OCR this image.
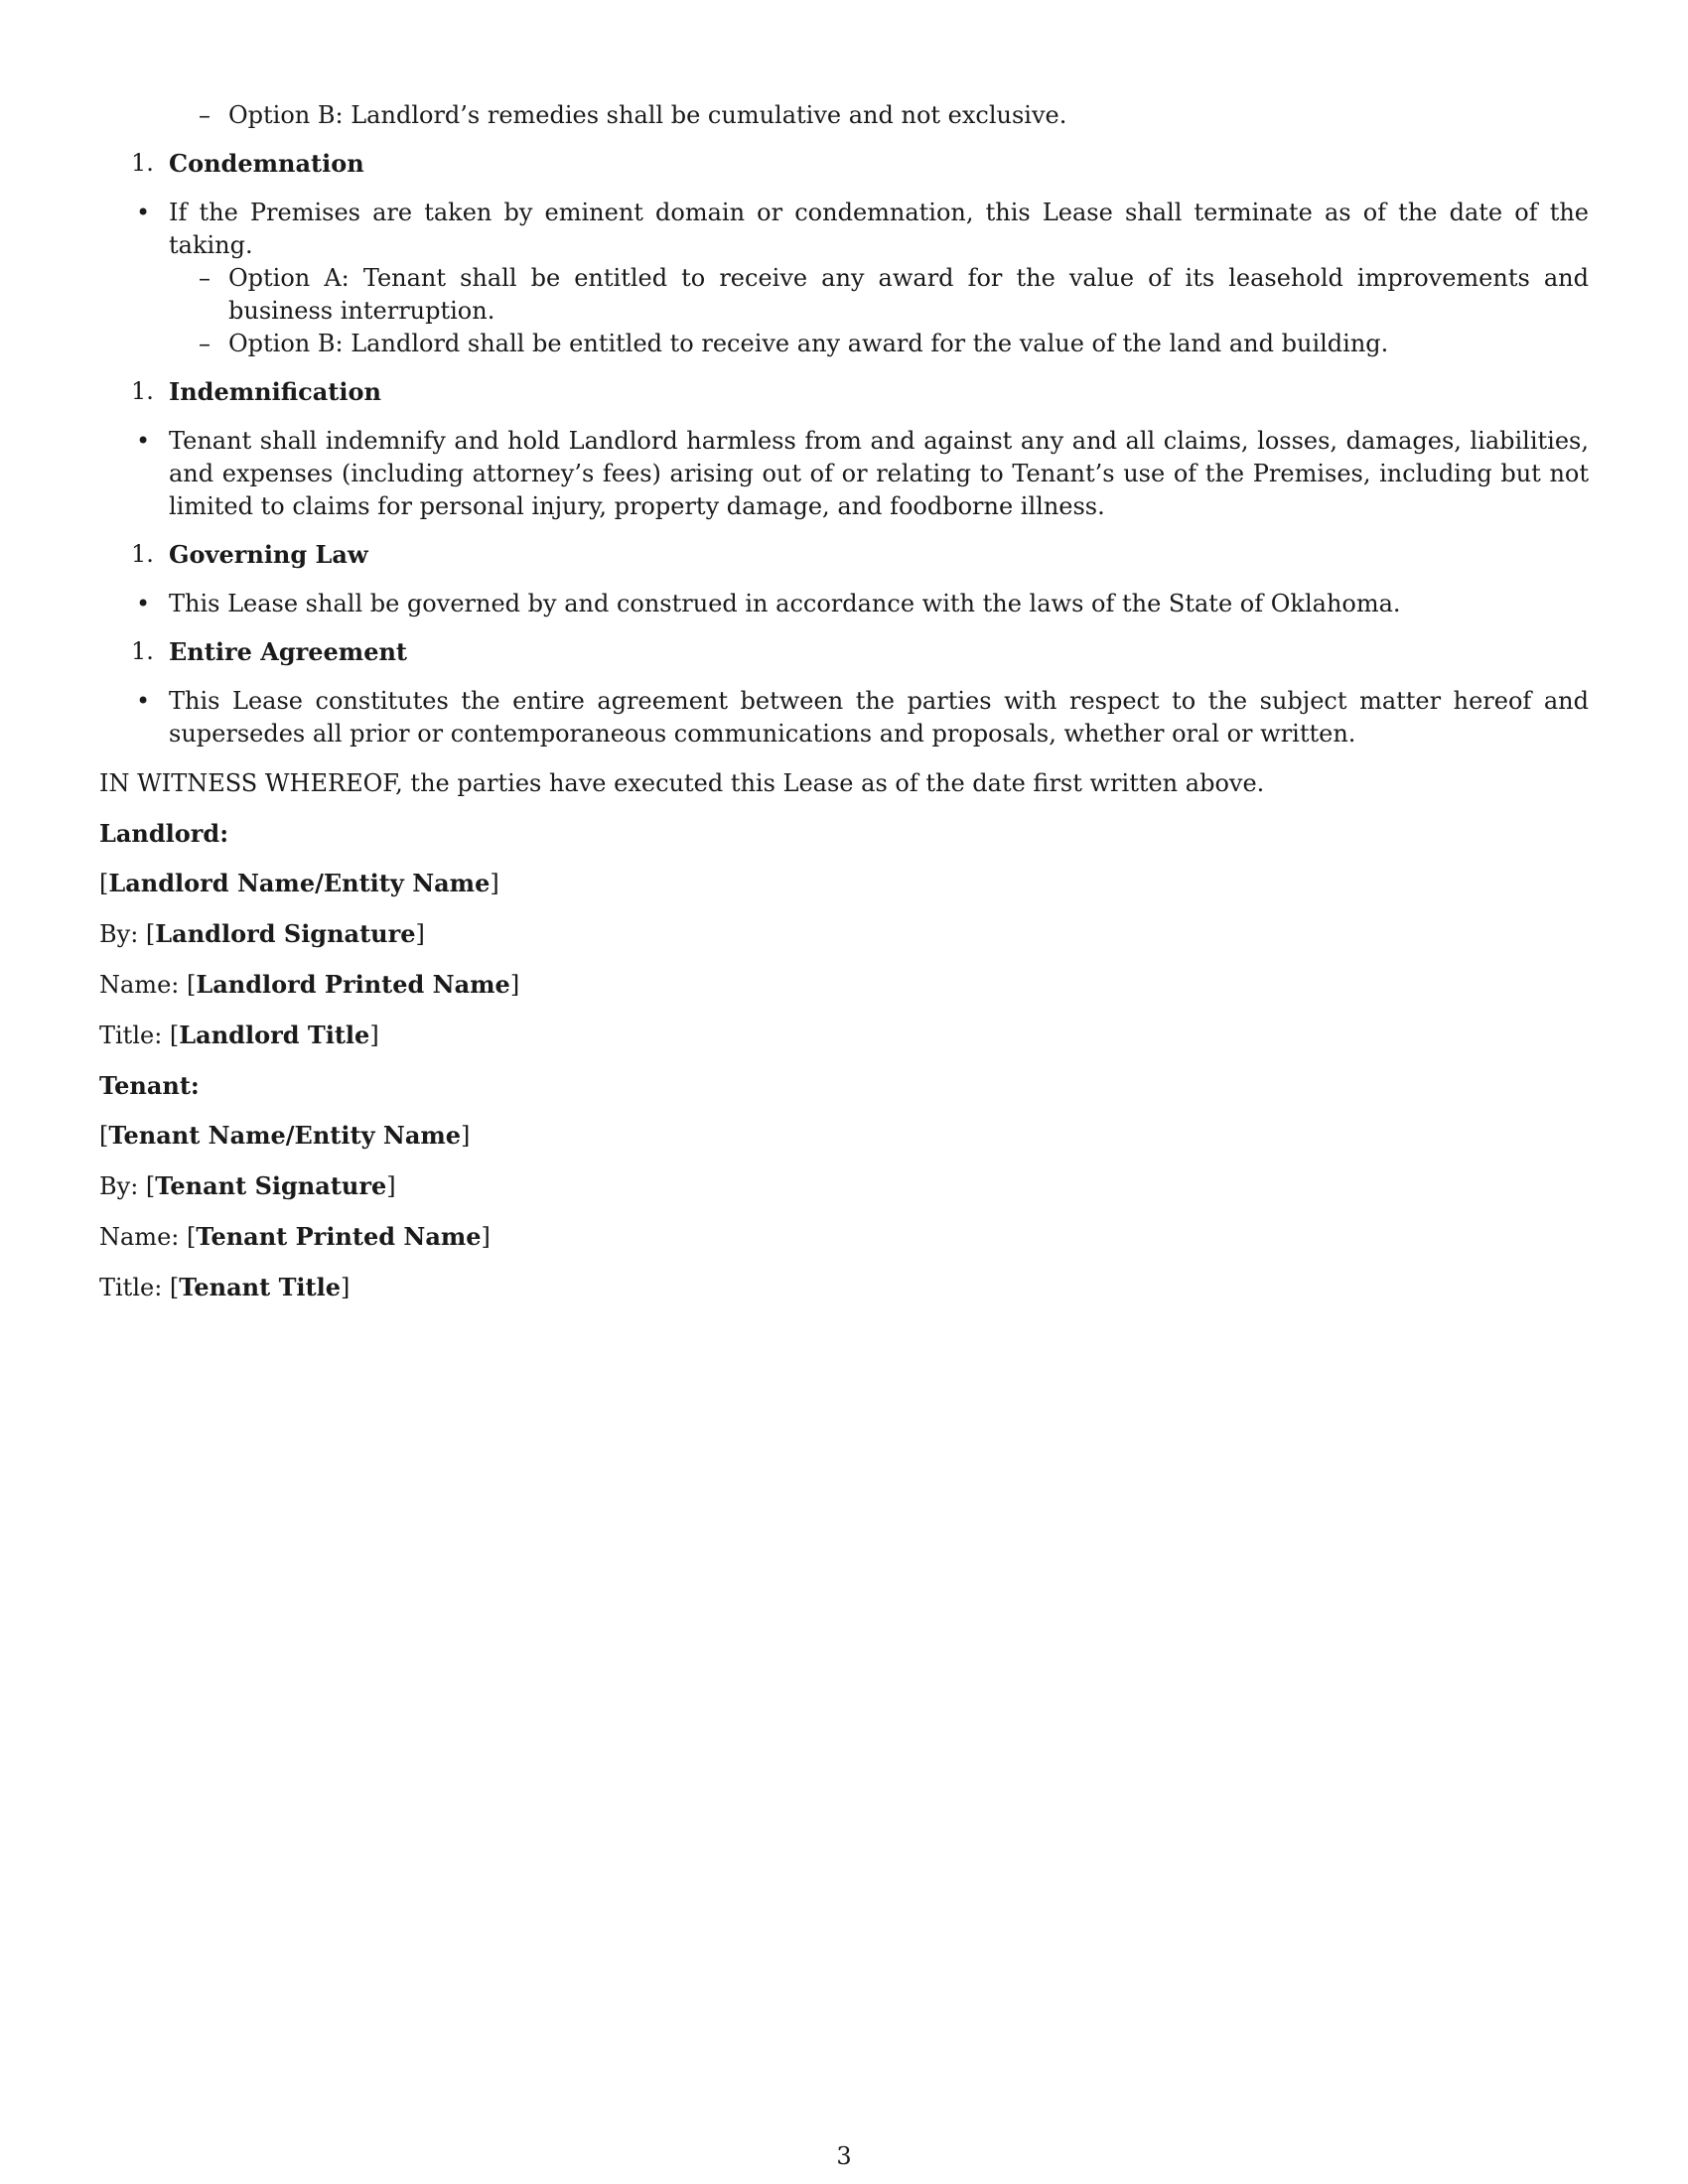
– Option B: Landlord’s remedies shall be cumulative and not exclusive.
1. Condemnation
• If the Premises are taken by eminent domain or condemnation, this Lease shall terminate as of the date of the taking.
– Option A: Tenant shall be entitled to receive any award for the value of its leasehold improvements and business interruption.
– Option B: Landlord shall be entitled to receive any award for the value of the land and building.
1. Indemnification
• Tenant shall indemnify and hold Landlord harmless from and against any and all claims, losses, damages, liabilities, and expenses (including attorney’s fees) arising out of or relating to Tenant’s use of the Premises, including but not limited to claims for personal injury, property damage, and foodborne illness.
1. Governing Law
• This Lease shall be governed by and construed in accordance with the laws of the State of Oklahoma.
1. Entire Agreement
• This Lease constitutes the entire agreement between the parties with respect to the subject matter hereof and supersedes all prior or contemporaneous communications and proposals, whether oral or written.
IN WITNESS WHEREOF, the parties have executed this Lease as of the date first written above.
Landlord:
[Landlord Name/Entity Name]
By: [Landlord Signature]
Name: [Landlord Printed Name]
Title: [Landlord Title]
Tenant:
[Tenant Name/Entity Name]
By: [Tenant Signature]
Name: [Tenant Printed Name]
Title: [Tenant Title]
3
